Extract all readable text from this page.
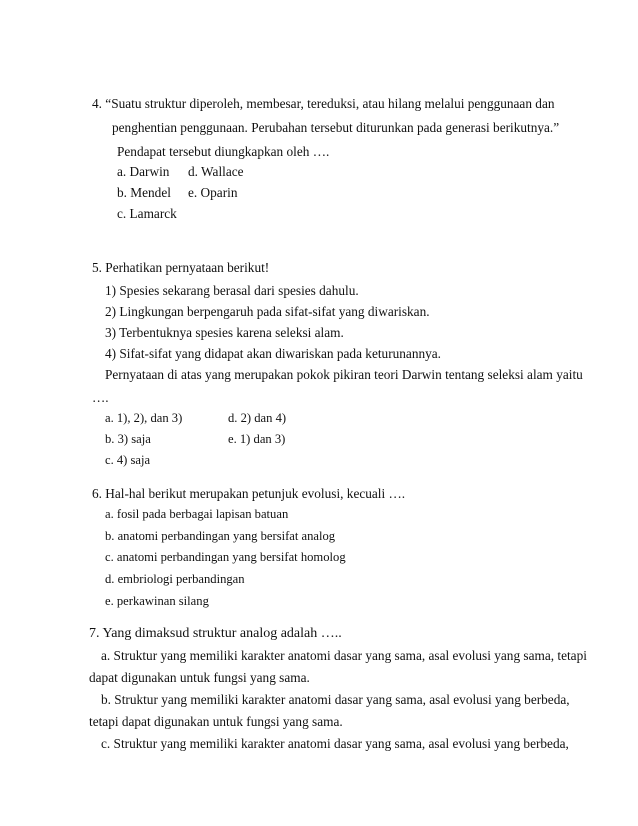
4. “Suatu struktur diperoleh, membesar, tereduksi, atau hilang melalui penggunaan dan
penghentian penggunaan. Perubahan tersebut diturunkan pada generasi berikutnya.”
Pendapat tersebut diungkapkan oleh ….
a. Darwin d. Wallace
b. Mendel e. Oparin
c. Lamarck
5. Perhatikan pernyataan berikut!
1) Spesies sekarang berasal dari spesies dahulu.
2) Lingkungan berpengaruh pada sifat-sifat yang diwariskan.
3) Terbentuknya spesies karena seleksi alam.
4) Sifat-sifat yang didapat akan diwariskan pada keturunannya.
Pernyataan di atas yang merupakan pokok pikiran teori Darwin tentang seleksi alam yaitu
….
a. 1), 2), dan 3)	d. 2) dan 4)
b. 3) saja	e. 1) dan 3)
c. 4) saja
6. Hal-hal berikut merupakan petunjuk evolusi, kecuali ….
a. fosil pada berbagai lapisan batuan
b. anatomi perbandingan yang bersifat analog
c. anatomi perbandingan yang bersifat homolog
d. embriologi perbandingan
e. perkawinan silang
7. Yang dimaksud struktur analog adalah …..
a. Struktur yang memiliki karakter anatomi dasar yang sama, asal evolusi yang sama, tetapi
dapat digunakan untuk fungsi yang sama.
b. Struktur yang memiliki karakter anatomi dasar yang sama, asal evolusi yang berbeda,
tetapi dapat digunakan untuk fungsi yang sama.
c. Struktur yang memiliki karakter anatomi dasar yang sama, asal evolusi yang berbeda,
